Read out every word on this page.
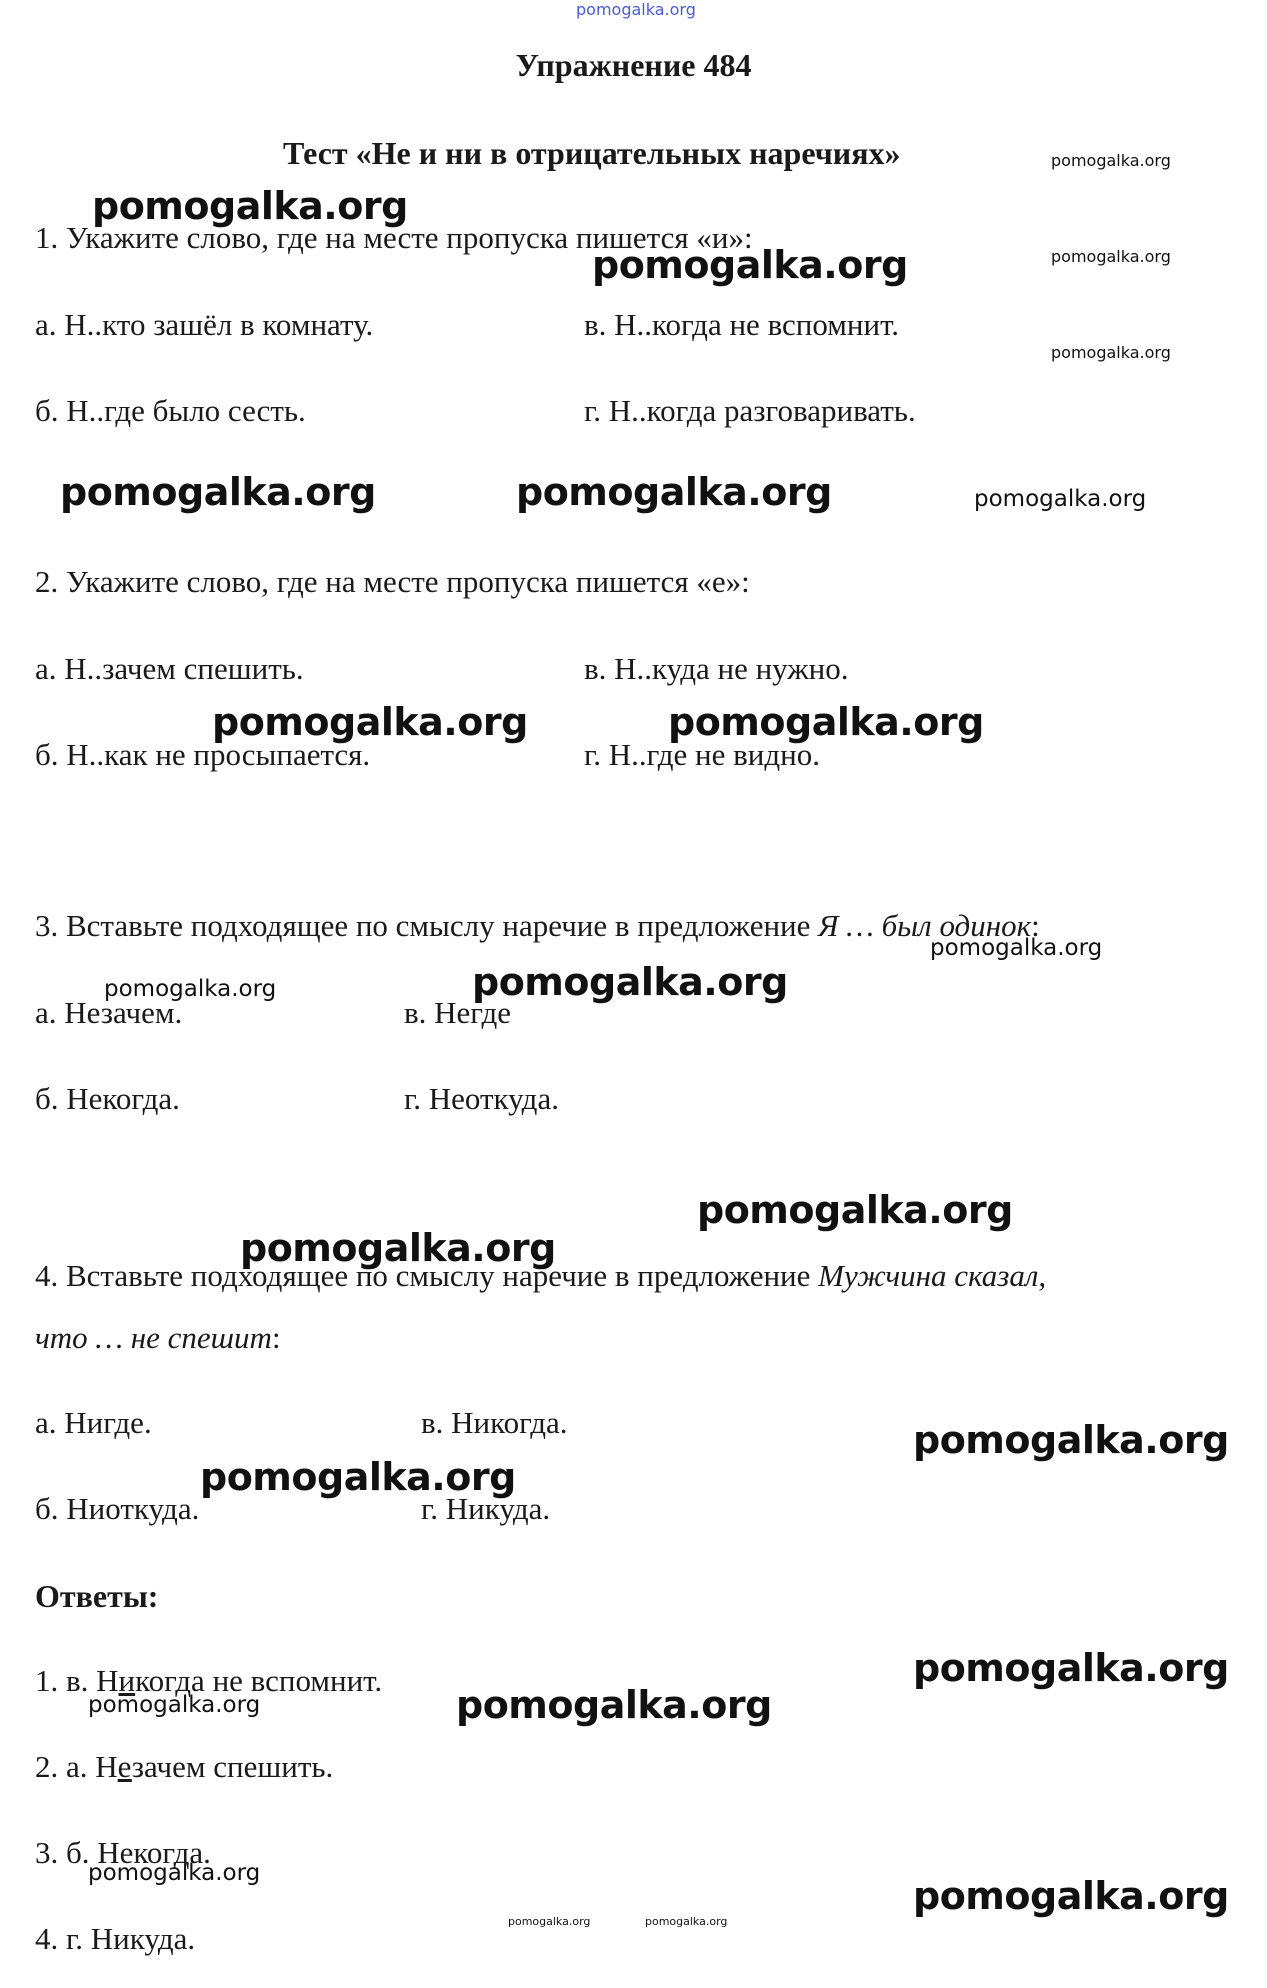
Упражнение 484
Тест «Не и ни в отрицательных наречиях»
1. Укажите слово, где на месте пропуска пишется «и»:
а. Н..кто зашёл в комнату.	в. Н..когда не вспомнит.
б. Н..где было сесть.	г. Н..когда разговаривать.
2. Укажите слово, где на месте пропуска пишется «е»:
а. Н..зачем спешить.	в. Н..куда не нужно.
б. Н..как не просыпается.	г. Н..где не видно.
3. Вставьте подходящее по смыслу наречие в предложение Я … был одинок:
а. Незачем.	в. Негде
б. Некогда.	г. Неоткуда.
4. Вставьте подходящее по смыслу наречие в предложение Мужчина сказал,
что … не спешит:
а. Нигде.	в. Никогда.
б. Ниоткуда.	г. Никуда.
Ответы:
1. в. Никогда не вспомнит.
2. а. Незачем спешить.
3. б. Некогда.
4. г. Никуда.
pomogalka.org
pomogalka.org
pomogalka.org
pomogalka.org	pomogalka.org
pomogalka.org
pomogalka.org	pomogalka.org	pomogalka.org
pomogalka.org	pomogalka.org
pomogalka.org
pomogalka.org	pomogalka.org
pomogalka.org
pomogalka.org
pomogalka.org
pomogalka.org
pomogalka.org
pomogalka.org	pomogalka.org
pomogalka.org
pomogalka.org	pomogalka.org
pomogalka.org
